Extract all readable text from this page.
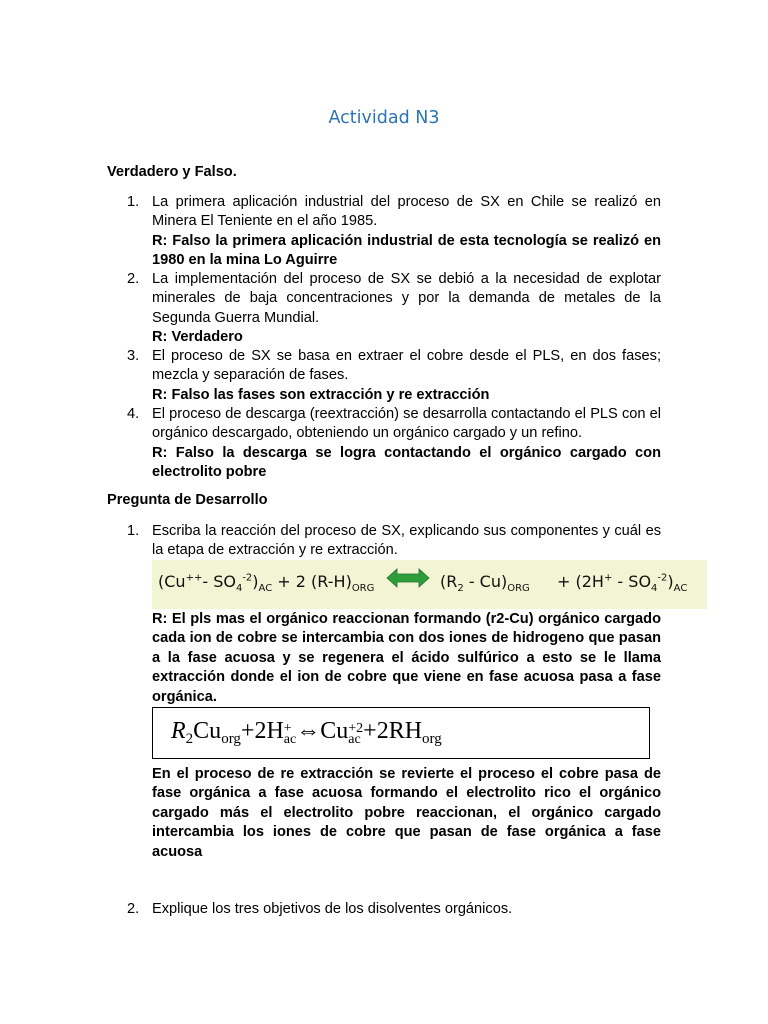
Actividad N3
Verdadero y Falso.
1. La primera aplicación industrial del proceso de SX en Chile se realizó en Minera El Teniente en el año 1985.
R: Falso la primera aplicación industrial de esta tecnología se realizó en 1980 en la mina Lo Aguirre
2. La implementación del proceso de SX se debió a la necesidad de explotar minerales de baja concentraciones y por la demanda de metales de la Segunda Guerra Mundial.
R: Verdadero
3. El proceso de SX se basa en extraer el cobre desde el PLS, en dos fases; mezcla y separación de fases.
R: Falso las fases son extracción y re extracción
4. El proceso de descarga (reextracción) se desarrolla contactando el PLS con el orgánico descargado, obteniendo un orgánico cargado y un refino.
R: Falso la descarga se logra contactando el orgánico cargado con electrolito pobre
Pregunta de Desarrollo
1. Escriba la reacción del proceso de SX, explicando sus componentes y cuál es la etapa de extracción y re extracción.
(Cu++- $SO_4^{-2})_{AC} + 2$ $(R-H)_{ORG}$	$(R_2 - Cu)_{ORG} + (2H^+ - SO_4^{-2})_{AC}$
R: El pls mas el orgánico reaccionan formando (r2-Cu) orgánico cargado cada ion de cobre se intercambia con dos iones de hidrogeno que pasan a la fase acuosa y se regenera el ácido sulfúrico a esto se le llama extracción donde el ion de cobre que viene en fase acuosa pasa a fase orgánica.
$R_2Cu_{org}+2H+$
ac⇔Cu+2
ac $+2RH_{org}$
En el proceso de re extracción se revierte el proceso el cobre pasa de fase orgánica a fase acuosa formando el electrolito rico el orgánico cargado más el electrolito pobre reaccionan, el orgánico cargado intercambia los iones de cobre que pasan de fase orgánica a fase acuosa
2. Explique los tres objetivos de los disolventes orgánicos.
